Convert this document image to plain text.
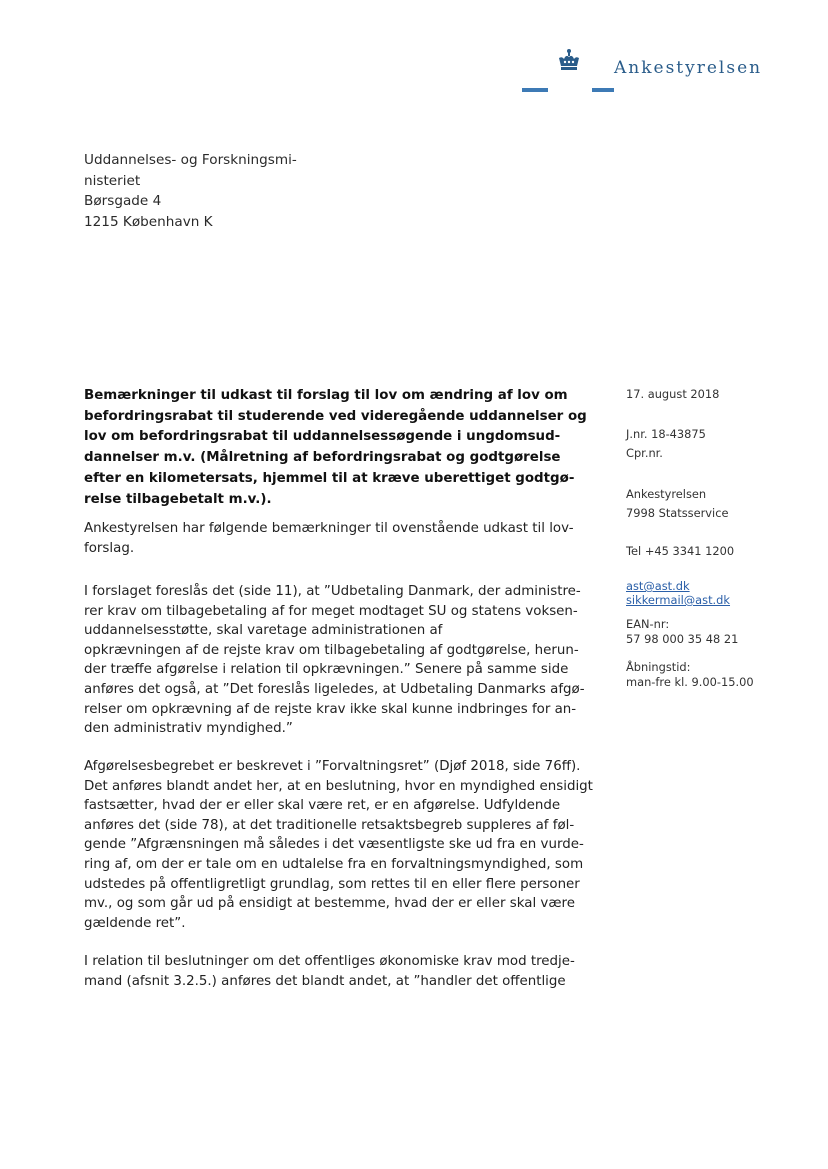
Ankestyrelsen
Uddannelses- og Forskningsmi-
nisteriet
Børsgade 4
1215 København K
Bemærkninger til udkast til forslag til lov om ændring af lov om
befordringsrabat til studerende ved videregående uddannelser og
lov om befordringsrabat til uddannelsessøgende i ungdomsud-
dannelser m.v. (Målretning af befordringsrabat og godtgørelse
efter en kilometersats, hjemmel til at kræve uberettiget godtgø-
relse tilbagebetalt m.v.).
Ankestyrelsen har følgende bemærkninger til ovenstående udkast til lov-
forslag.
I forslaget foreslås det (side 11), at ”Udbetaling Danmark, der administre-
rer krav om tilbagebetaling af for meget modtaget SU og statens voksen-
uddannelsesstøtte, skal varetage administrationen af
opkrævningen af de rejste krav om tilbagebetaling af godtgørelse, herun-
der træffe afgørelse i relation til opkrævningen.” Senere på samme side
anføres det også, at ”Det foreslås ligeledes, at Udbetaling Danmarks afgø-
relser om opkrævning af de rejste krav ikke skal kunne indbringes for an-
den administrativ myndighed.”
Afgørelsesbegrebet er beskrevet i ”Forvaltningsret” (Djøf 2018, side 76ff).
Det anføres blandt andet her, at en beslutning, hvor en myndighed ensidigt
fastsætter, hvad der er eller skal være ret, er en afgørelse. Udfyldende
anføres det (side 78), at det traditionelle retsaktsbegreb suppleres af føl-
gende ”Afgrænsningen må således i det væsentligste ske ud fra en vurde-
ring af, om der er tale om en udtalelse fra en forvaltningsmyndighed, som
udstedes på offentligretligt grundlag, som rettes til en eller flere personer
mv., og som går ud på ensidigt at bestemme, hvad der er eller skal være
gældende ret”.
I relation til beslutninger om det offentliges økonomiske krav mod tredje-
mand (afsnit 3.2.5.) anføres det blandt andet, at ”handler det offentlige
17. august 2018
J.nr. 18-43875
Cpr.nr.
Ankestyrelsen
7998 Statsservice
Tel +45 3341 1200
ast@ast.dk
sikkermail@ast.dk
EAN-nr:
57 98 000 35 48 21
Åbningstid:
man-fre kl. 9.00-15.00
